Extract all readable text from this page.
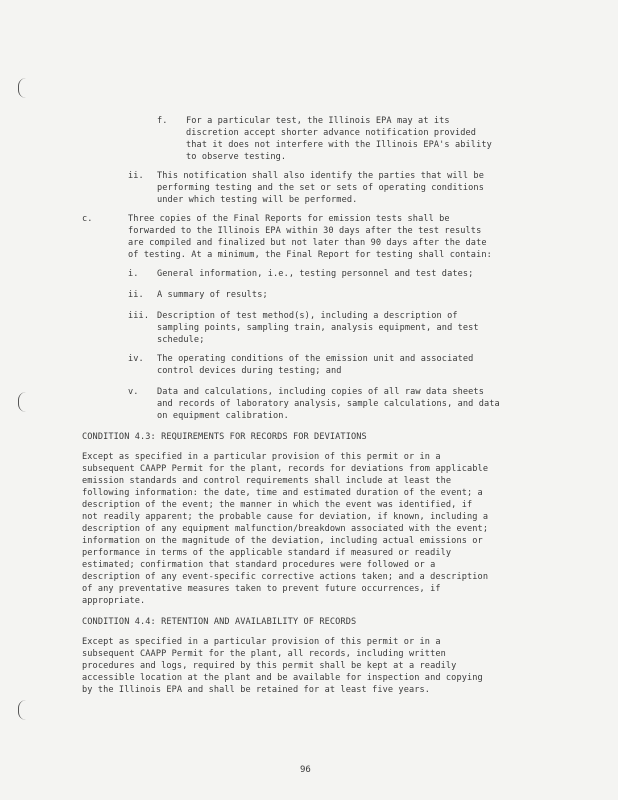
f. For a particular test, the Illinois EPA may at its
discretion accept shorter advance notification provided
that it does not interfere with the Illinois EPA's ability
to observe testing.
ii. This notification shall also identify the parties that will be
performing testing and the set or sets of operating conditions
under which testing will be performed.
c.	Three copies of the Final Reports for emission tests shall be
forwarded to the Illinois EPA within 30 days after the test results
are compiled and finalized but not later than 90 days after the date
of testing. At a minimum, the Final Report for testing shall contain:
i. General information, i.e., testing personnel and test dates;
ii. A summary of results;
iii. Description of test method(s), including a description of
sampling points, sampling train, analysis equipment, and test
schedule;
iv. The operating conditions of the emission unit and associated
control devices during testing; and
v. Data and calculations, including copies of all raw data sheets
and records of laboratory analysis, sample calculations, and data
on equipment calibration.
CONDITION 4.3: REQUIREMENTS FOR RECORDS FOR DEVIATIONS
Except as specified in a particular provision of this permit or in a
subsequent CAAPP Permit for the plant, records for deviations from applicable
emission standards and control requirements shall include at least the
following information: the date, time and estimated duration of the event; a
description of the event; the manner in which the event was identified, if
not readily apparent; the probable cause for deviation, if known, including a
description of any equipment malfunction/breakdown associated with the event;
information on the magnitude of the deviation, including actual emissions or
performance in terms of the applicable standard if measured or readily
estimated; confirmation that standard procedures were followed or a
description of any event-specific corrective actions taken; and a description
of any preventative measures taken to prevent future occurrences, if
appropriate.
CONDITION 4.4: RETENTION AND AVAILABILITY OF RECORDS
Except as specified in a particular provision of this permit or in a
subsequent CAAPP Permit for the plant, all records, including written
procedures and logs, required by this permit shall be kept at a readily
accessible location at the plant and be available for inspection and copying
by the Illinois EPA and shall be retained for at least five years.
96
